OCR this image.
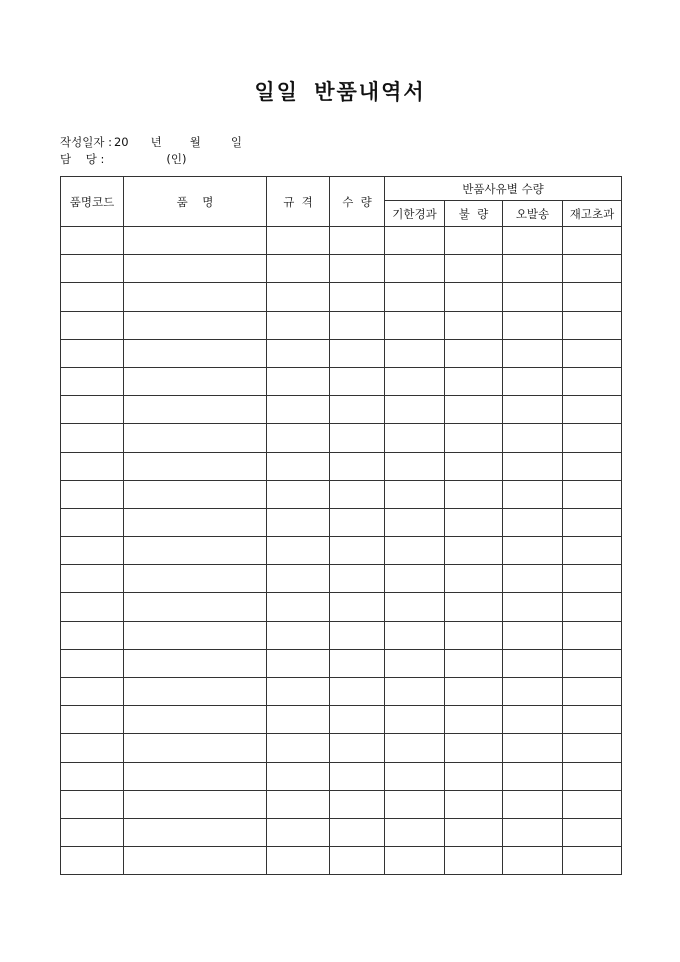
일일 반품내역서
작성일자 : 20 년 월	일
담    당 :	(인)
품명코드	품    명	규  격	수  량	반품사유별 수량			
				기한경과	불  량	오발송	재고초과
